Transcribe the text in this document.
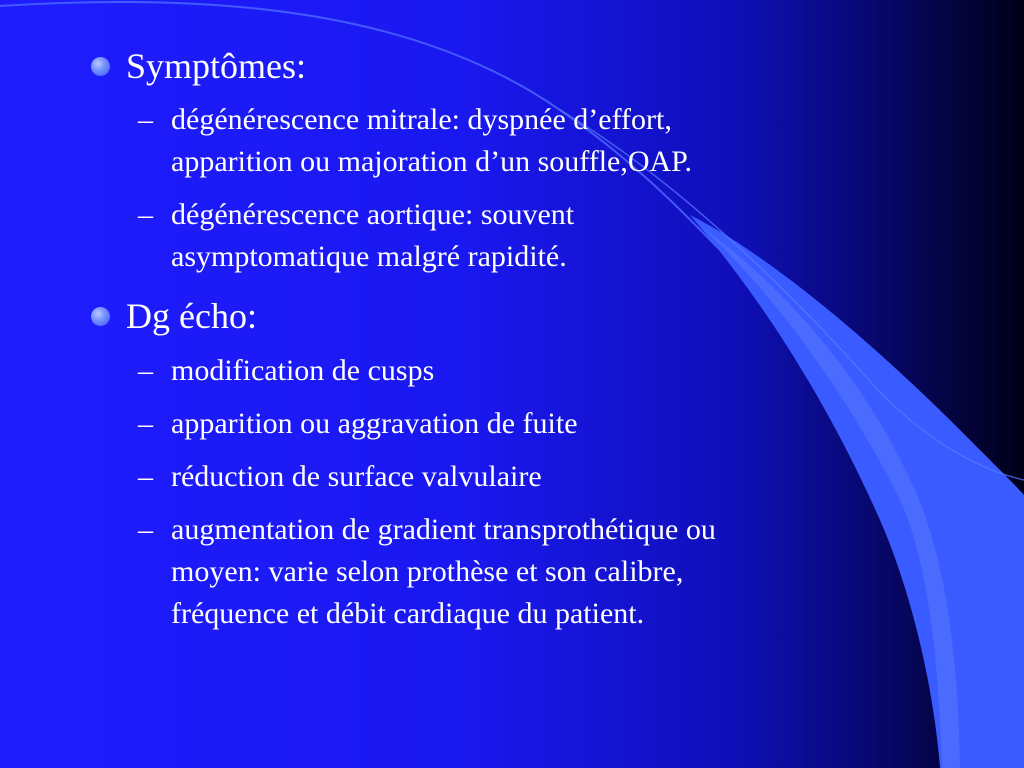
Symptômes:
– dégénérescence mitrale: dyspnée d’effort,
apparition ou majoration d’un souffle,OAP.
– dégénérescence aortique: souvent
asymptomatique malgré rapidité.
Dg écho:
– modification de cusps
– apparition ou aggravation de fuite
– réduction de surface valvulaire
– augmentation de gradient transprothétique ou
moyen: varie selon prothèse et son calibre,
fréquence et débit cardiaque du patient.
